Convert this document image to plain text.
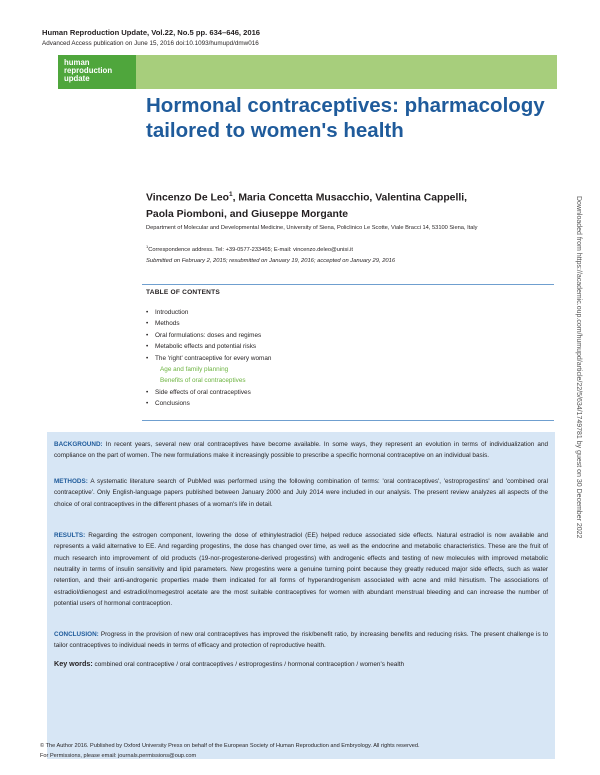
Human Reproduction Update, Vol.22, No.5 pp. 634–646, 2016
Advanced Access publication on June 15, 2016 doi:10.1093/humupd/dmw016
human
reproduction
update
Hormonal contraceptives: pharmacology tailored to women's health
Vincenzo De Leo$^1$, Maria Concetta Musacchio, Valentina Cappelli,
Paola Piomboni, and Giuseppe Morgante
Department of Molecular and Developmental Medicine, University of Siena, Policlinico Le Scotte, Viale Bracci 14, 53100 Siena, Italy
$^1$Correspondence address. Tel: +39-0577-233465; E-mail: vincenzo.deleo@unisi.it
Submitted on February 2, 2015; resubmitted on January 19, 2016; accepted on January 29, 2016
TABLE OF CONTENTS
• Introduction
• Methods
• Oral formulations: doses and regimes
• Metabolic effects and potential risks
• The 'right' contraceptive for every woman
Age and family planning
Benefits of oral contraceptives
• Side effects of oral contraceptives
• Conclusions

BACKGROUND: In recent years, several new oral contraceptives have become available. In some ways, they represent an evolution in terms of individualization and compliance on the part of women. The new formulations make it increasingly possible to prescribe a specific hormonal contraceptive on an individual basis.

METHODS: A systematic literature search of PubMed was performed using the following combination of terms: 'oral contraceptives', 'estroprogestins' and 'combined oral contraceptive'. Only English-language papers published between January 2000 and July 2014 were included in our analysis. The present review analyzes all aspects of the choice of oral contraceptives in the different phases of a woman's life in detail.

RESULTS: Regarding the estrogen component, lowering the dose of ethinylestradiol (EE) helped reduce associated side effects. Natural estradiol is now available and represents a valid alternative to EE. And regarding progestins, the dose has changed over time, as well as the endocrine and metabolic characteristics. These are the fruit of much research into improvement of old products (19-nor-progesterone-derived progestins) with androgenic effects and testing of new molecules with improved metabolic neutrality in terms of insulin sensitivity and lipid parameters. New progestins were a genuine turning point because they greatly reduced major side effects, such as water retention, and their anti-androgenic properties made them indicated for all forms of hyperandrogenism associated with acne and mild hirsutism. The associations of estradiol/dienogest and estradiol/nomegestrol acetate are the most suitable contraceptives for women with abundant menstrual bleeding and can increase the number of potential users of hormonal contraception.

CONCLUSION: Progress in the provision of new oral contraceptives has improved the risk/benefit ratio, by increasing benefits and reducing risks. The present challenge is to tailor contraceptives to individual needs in terms of efficacy and protection of reproductive health.

Key words: combined oral contraceptive / oral contraceptives / estroprogestins / hormonal contraception / women's health

© The Author 2016. Published by Oxford University Press on behalf of the European Society of Human Reproduction and Embryology. All rights reserved.
For Permissions, please email: journals.permissions@oup.com
Downloaded from https://academic.oup.com/humupd/article/22/5/634/1749781 by guest on 30 December 2022
